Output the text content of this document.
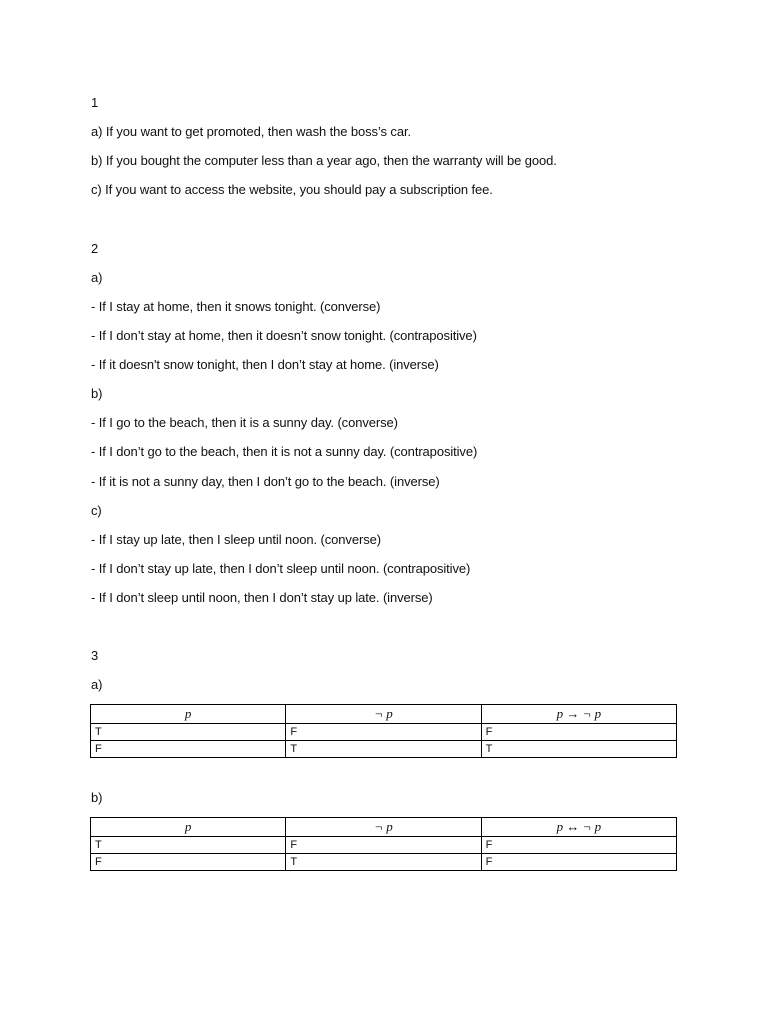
1
a) If you want to get promoted, then wash the boss’s car.
b) If you bought the computer less than a year ago, then the warranty will be good.
c) If you want to access the website, you should pay a subscription fee.
2
a)
- If I stay at home, then it snows tonight. (converse)
- If I don’t stay at home, then it doesn’t snow tonight. (contrapositive)
- If it doesn't snow tonight, then I don’t stay at home. (inverse)
b)
- If I go to the beach, then it is a sunny day. (converse)
- If I don’t go to the beach, then it is not a sunny day. (contrapositive)
- If it is not a sunny day, then I don’t go to the beach. (inverse)
c)
- If I stay up late, then I sleep until noon. (converse)
- If I don’t stay up late, then I don’t sleep until noon. (contrapositive)
- If I don’t sleep until noon, then I don’t stay up late. (inverse)
3
a)
p	¬ p	p → ¬ p
T	F	F
F	T	T
b)
p	¬ p	p ↔ ¬ p
T	F	F
F	T	F
